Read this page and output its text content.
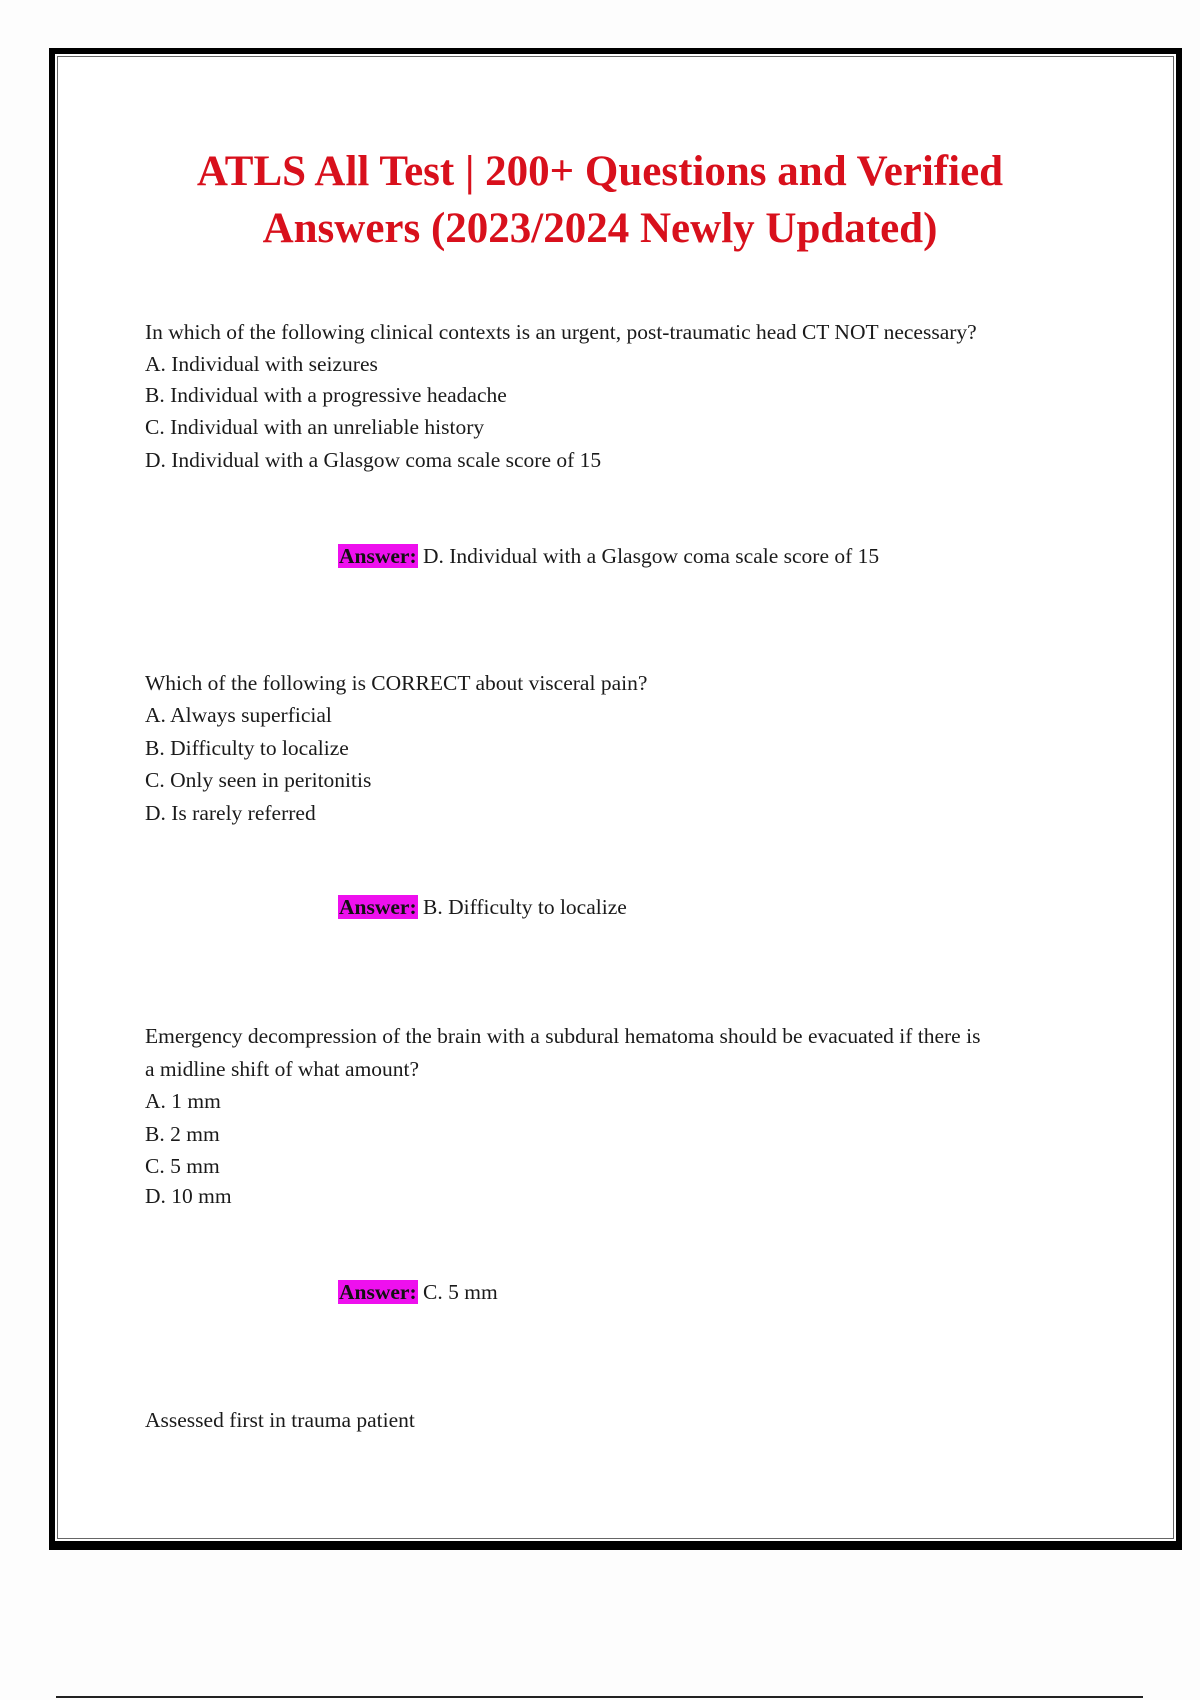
ATLS All Test | 200+ Questions and Verified
Answers (2023/2024 Newly Updated)
In which of the following clinical contexts is an urgent, post-traumatic head CT NOT necessary?
A. Individual with seizures
B. Individual with a progressive headache
C. Individual with an unreliable history
D. Individual with a Glasgow coma scale score of 15
Answer: D. Individual with a Glasgow coma scale score of 15
Which of the following is CORRECT about visceral pain?
A. Always superficial
B. Difficulty to localize
C. Only seen in peritonitis
D. Is rarely referred
Answer: B. Difficulty to localize
Emergency decompression of the brain with a subdural hematoma should be evacuated if there is
a midline shift of what amount?
A. 1 mm
B. 2 mm
C. 5 mm
D. 10 mm
Answer: C. 5 mm
Assessed first in trauma patient
